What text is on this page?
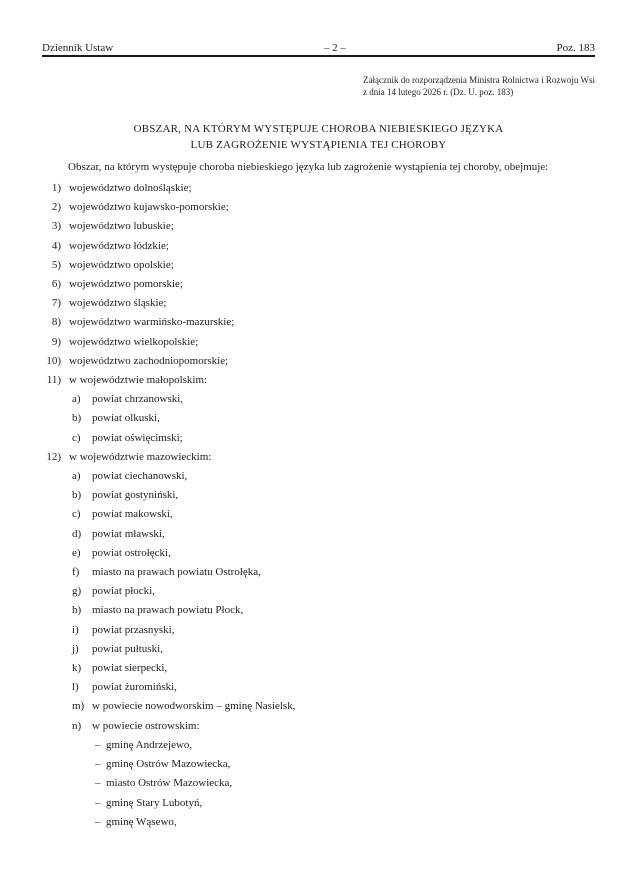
Dziennik Ustaw	– 2 –	Poz. 183
Załącznik do rozporządzenia Ministra Rolnictwa i Rozwoju Wsi
z dnia 14 lutego 2026 r. (Dz. U. poz. 183)
OBSZAR, NA KTÓRYM WYSTĘPUJE CHOROBA NIEBIESKIEGO JĘZYKA
LUB ZAGROŻENIE WYSTĄPIENIA TEJ CHOROBY

Obszar, na którym występuje choroba niebieskiego języka lub zagrożenie wystąpienia tej choroby, obejmuje:

1) województwo dolnośląskie;
2) województwo kujawsko-pomorskie;
3) województwo lubuskie;
4) województwo łódzkie;
5) województwo opolskie;
6) województwo pomorskie;
7) województwo śląskie;
8) województwo warmińsko-mazurskie;
9) województwo wielkopolskie;
10) województwo zachodniopomorskie;
11) w województwie małopolskim:
a)	powiat chrzanowski,
b) powiat olkuski,
c)	powiat oświęcimski;
12) w województwie mazowieckim:
a)	powiat ciechanowski,
b) powiat gostyniński,
c)	powiat makowski,
d) powiat mławski,
e)	powiat ostrołęcki,
f)	miasto na prawach powiatu Ostrołęka,
g) powiat płocki,
h) miasto na prawach powiatu Płock,
i)	powiat przasnyski,
j)	powiat pułtuski,
k) powiat sierpecki,
l)	powiat żuromiński,
m) w powiecie nowodworskim – gminę Nasielsk,
n) w powiecie ostrowskim:
– gminę Andrzejewo,
– gminę Ostrów Mazowiecka,
– miasto Ostrów Mazowiecka,
– gminę Stary Lubotyń,
– gminę Wąsewo,
